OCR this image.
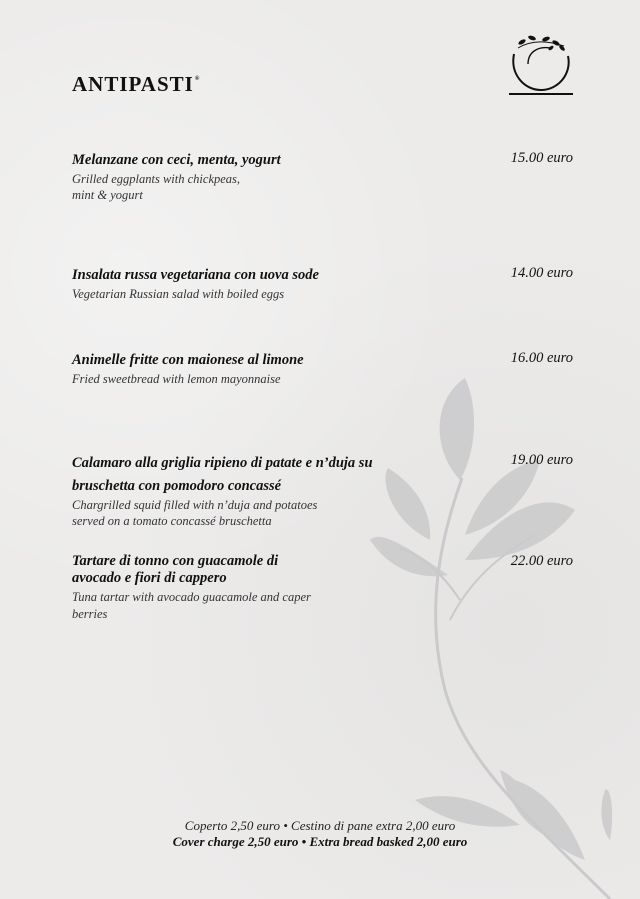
ANTIPASTI®
Melanzane con ceci, menta, yogurt
Grilled eggplants with chickpeas,
mint & yogurt
15.00 euro
Insalata russa vegetariana con uova sode
Vegetarian Russian salad with boiled eggs
14.00 euro
Animelle fritte con maionese al limone
Fried sweetbread with lemon mayonnaise
16.00 euro
Calamaro alla griglia ripieno di patate e n’duja su
bruschetta con pomodoro concassé
Chargrilled squid filled with n’duja and potatoes
served on a tomato concassé bruschetta
19.00 euro
Tartare di tonno con guacamole di
avocado e fiori di cappero
Tuna tartar with avocado guacamole and caper
berries
22.00 euro
Coperto 2,50 euro • Cestino di pane extra 2,00 euro
Cover charge 2,50 euro • Extra bread basked 2,00 euro
